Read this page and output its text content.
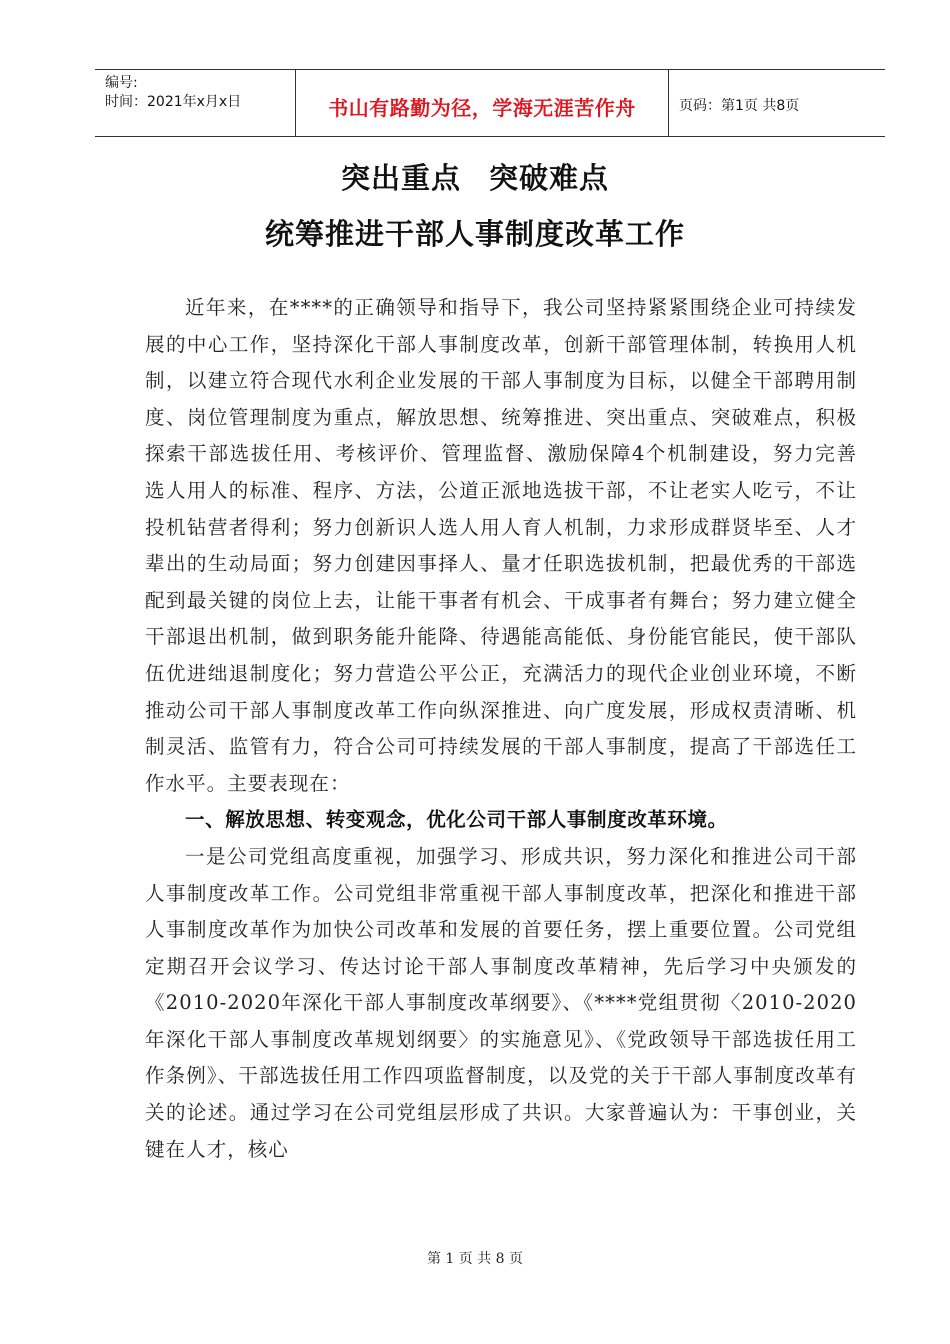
编号:
时间：2021年x月x日	书山有路勤为径，学海无涯苦作舟	页码：第1页 共8页
突出重点 突破难点
统筹推进干部人事制度改革工作

近年来，在****的正确领导和指导下，我公司坚持紧紧围绕企业可持续发展的中心工作，坚持深化干部人事制度改革，创新干部管理体制，转换用人机制，以建立符合现代水利企业发展的干部人事制度为目标，以健全干部聘用制度、岗位管理制度为重点，解放思想、统筹推进、突出重点、突破难点，积极探索干部选拔任用、考核评价、管理监督、激励保障4个机制建设，努力完善选人用人的标准、程序、方法，公道正派地选拔干部，不让老实人吃亏，不让投机钻营者得利；努力创新识人选人用人育人机制，力求形成群贤毕至、人才辈出的生动局面；努力创建因事择人、量才任职选拔机制，把最优秀的干部选配到最关键的岗位上去，让能干事者有机会、干成事者有舞台；努力建立健全干部退出机制，做到职务能升能降、待遇能高能低、身份能官能民，使干部队伍优进绌退制度化；努力营造公平公正，充满活力的现代企业创业环境，不断推动公司干部人事制度改革工作向纵深推进、向广度发展，形成权责清晰、机制灵活、监管有力，符合公司可持续发展的干部人事制度，提高了干部选任工作水平。主要表现在：

一、解放思想、转变观念，优化公司干部人事制度改革环境。

一是公司党组高度重视，加强学习、形成共识，努力深化和推进公司干部人事制度改革工作。公司党组非常重视干部人事制度改革，把深化和推进干部人事制度改革作为加快公司改革和发展的首要任务，摆上重要位置。公司党组定期召开会议学习、传达讨论干部人事制度改革精神，先后学习中央颁发的《2010-2020年深化干部人事制度改革纲要》、《****党组贯彻〈2010-2020年深化干部人事制度改革规划纲要〉的实施意见》、《党政领导干部选拔任用工作条例》、干部选拔任用工作四项监督制度，以及党的关于干部人事制度改革有关的论述。通过学习在公司党组层形成了共识。大家普遍认为：干事创业，关键在人才，核心

第 1 页 共 8 页
